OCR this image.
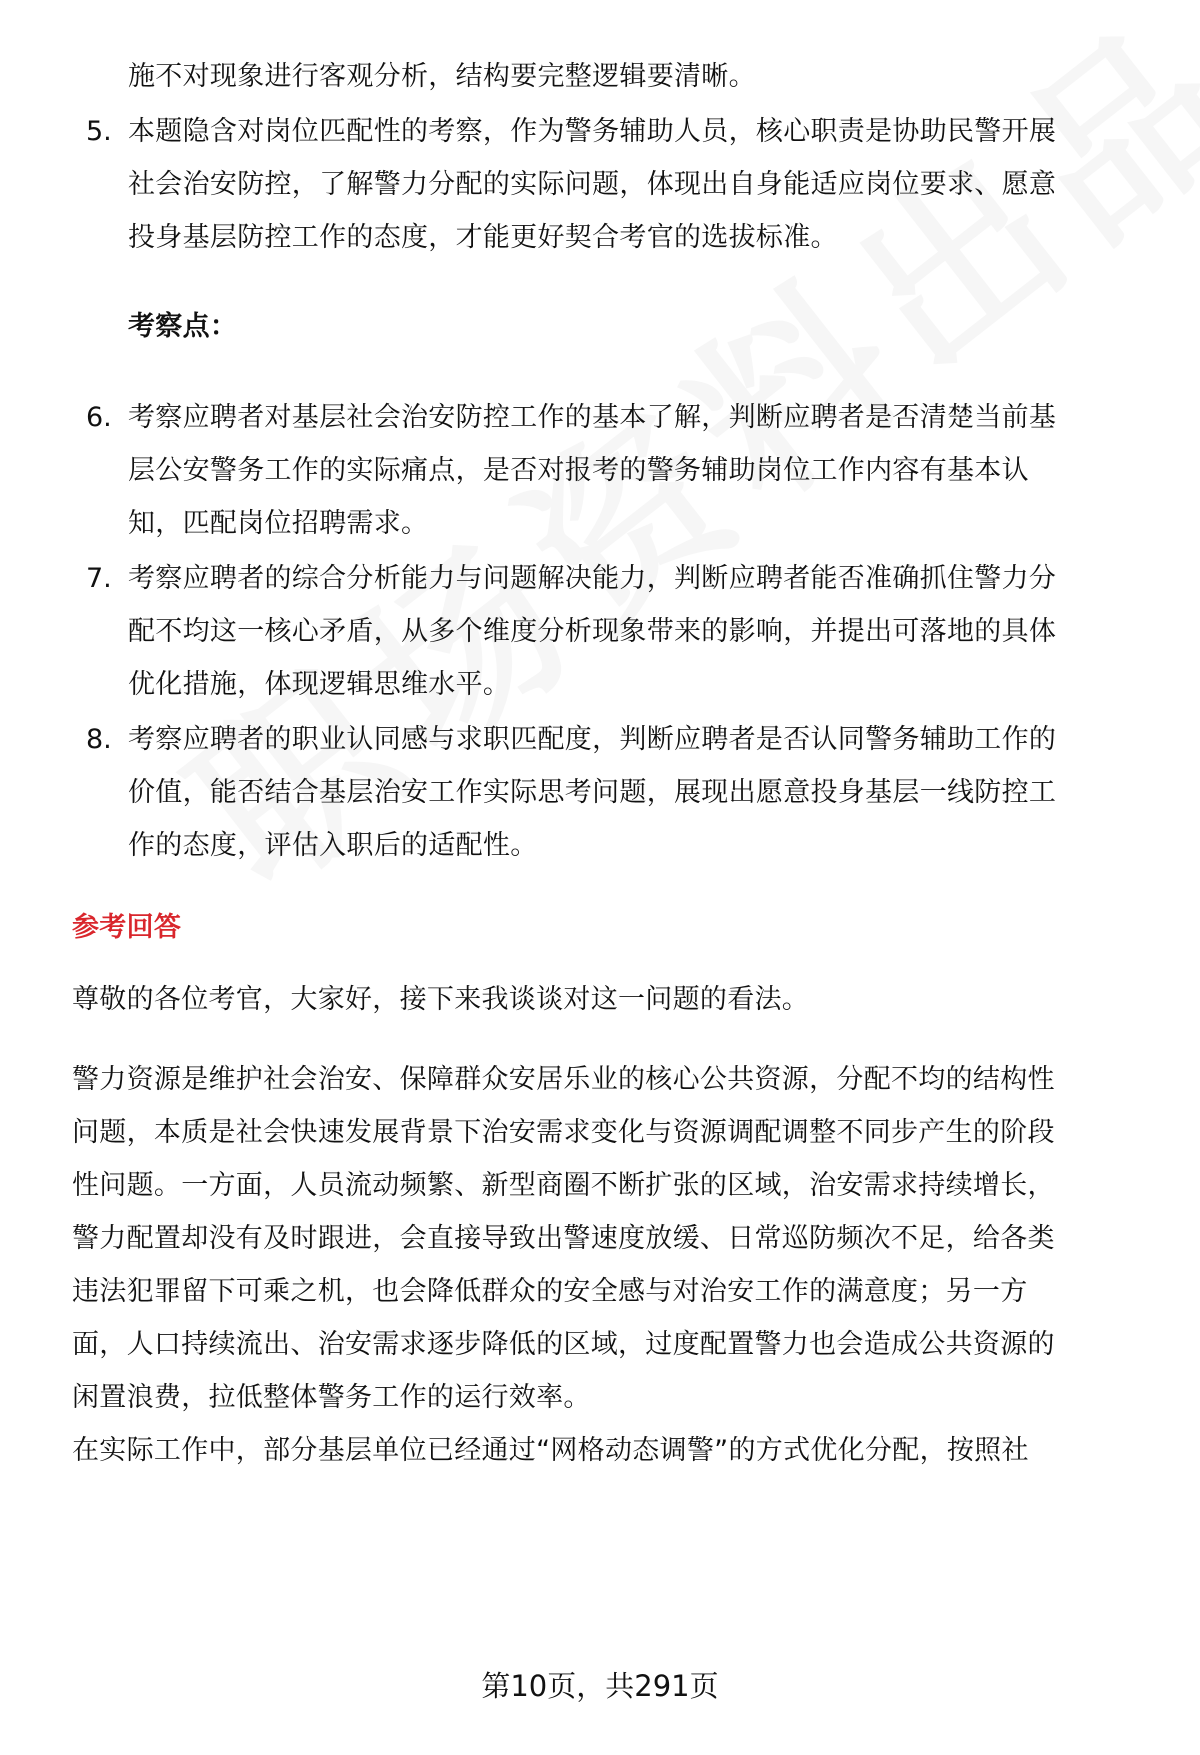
施不对现象进行客观分析，结构要完整逻辑要清晰。
5. 本题隐含对岗位匹配性的考察，作为警务辅助人员，核心职责是协助民警开展
社会治安防控，了解警力分配的实际问题，体现出自身能适应岗位要求、愿意
投身基层防控工作的态度，才能更好契合考官的选拔标准。
考察点：
6. 考察应聘者对基层社会治安防控工作的基本了解，判断应聘者是否清楚当前基
层公安警务工作的实际痛点，是否对报考的警务辅助岗位工作内容有基本认
知，匹配岗位招聘需求。
7. 考察应聘者的综合分析能力与问题解决能力，判断应聘者能否准确抓住警力分
配不均这一核心矛盾，从多个维度分析现象带来的影响，并提出可落地的具体
优化措施，体现逻辑思维水平。
8. 考察应聘者的职业认同感与求职匹配度，判断应聘者是否认同警务辅助工作的
价值，能否结合基层治安工作实际思考问题，展现出愿意投身基层一线防控工
作的态度，评估入职后的适配性。
参考回答
尊敬的各位考官，大家好，接下来我谈谈对这一问题的看法。
警力资源是维护社会治安、保障群众安居乐业的核心公共资源，分配不均的结构性
问题，本质是社会快速发展背景下治安需求变化与资源调配调整不同步产生的阶段
性问题。一方面，人员流动频繁、新型商圈不断扩张的区域，治安需求持续增长，
警力配置却没有及时跟进，会直接导致出警速度放缓、日常巡防频次不足，给各类
违法犯罪留下可乘之机，也会降低群众的安全感与对治安工作的满意度；另一方
面，人口持续流出、治安需求逐步降低的区域，过度配置警力也会造成公共资源的
闲置浪费，拉低整体警务工作的运行效率。
在实际工作中，部分基层单位已经通过“网格动态调警”的方式优化分配，按照社
第10页，共291页
